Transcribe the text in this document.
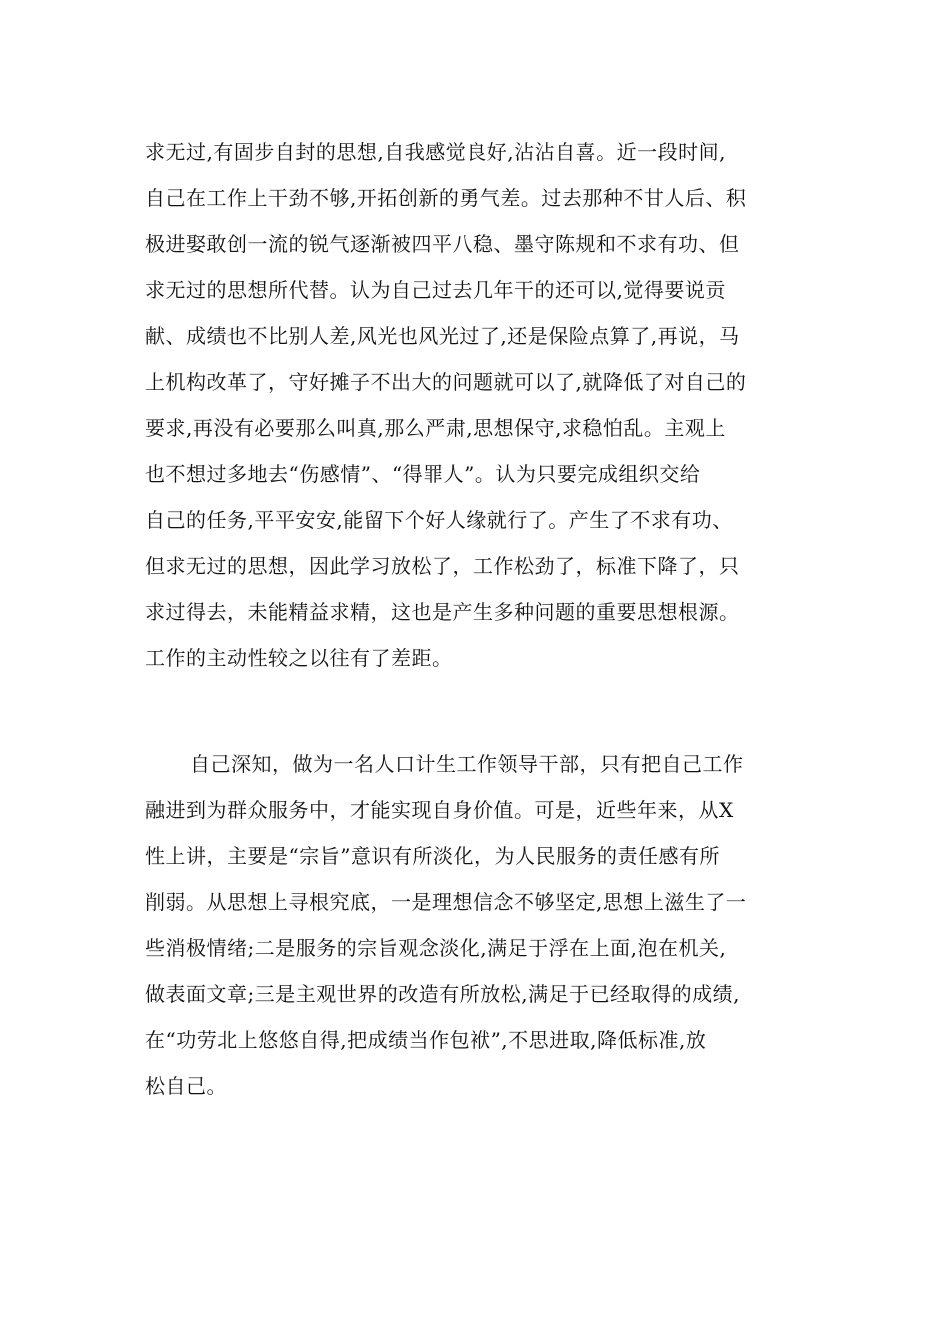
求无过,有固步自封的思想,自我感觉良好,沾沾自喜。近一段时间,
自己在工作上干劲不够,开拓创新的勇气差。过去那种不甘人后、积
极进娶敢创一流的锐气逐渐被四平八稳、墨守陈规和不求有功、但
求无过的思想所代替。认为自己过去几年干的还可以,觉得要说贡
献、成绩也不比别人差,风光也风光过了,还是保险点算了,再说，马
上机构改革了，守好摊子不出大的问题就可以了,就降低了对自己的
要求,再没有必要那么叫真,那么严肃,思想保守,求稳怕乱。主观上
也不想过多地去“伤感情”、“得罪人”。认为只要完成组织交给
自己的任务,平平安安,能留下个好人缘就行了。产生了不求有功、
但求无过的思想，因此学习放松了，工作松劲了，标准下降了，只
求过得去，未能精益求精，这也是产生多种问题的重要思想根源。
工作的主动性较之以往有了差距。
自己深知，做为一名人口计生工作领导干部，只有把自己工作
融进到为群众服务中，才能实现自身价值。可是，近些年来，从X
性上讲，主要是“宗旨”意识有所淡化，为人民服务的责任感有所
削弱。从思想上寻根究底，一是理想信念不够坚定,思想上滋生了一
些消极情绪;二是服务的宗旨观念淡化,满足于浮在上面,泡在机关,
做表面文章;三是主观世界的改造有所放松,满足于已经取得的成绩,
在“功劳北上悠悠自得,把成绩当作包袱”,不思进取,降低标准,放
松自己。
